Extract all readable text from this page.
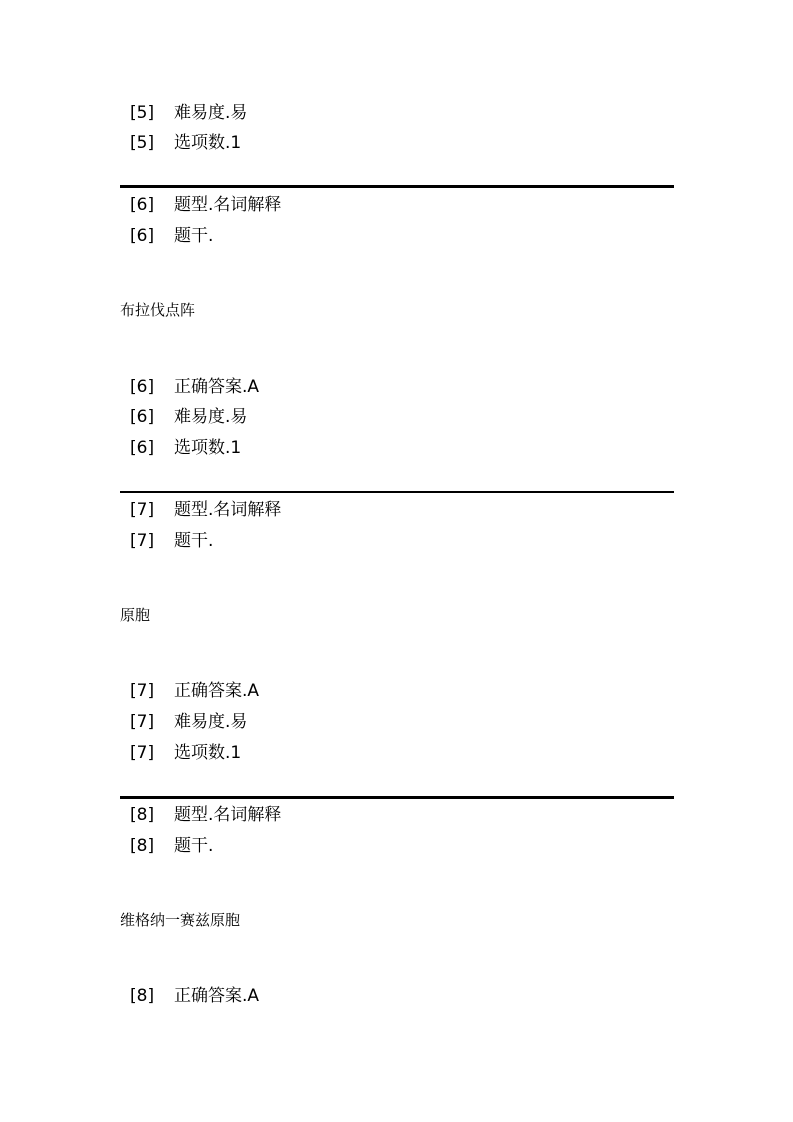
[5]	难易度.易
[5]	选项数.1
[6]	题型.名词解释
[6]	题干.
布拉伐点阵
[6]	正确答案.A
[6]	难易度.易
[6]	选项数.1
[7]	题型.名词解释
[7]	题干.
原胞
[7]	正确答案.A
[7]	难易度.易
[7]	选项数.1
[8]	题型.名词解释
[8]	题干.
维格纳一赛兹原胞
[8]	正确答案.A
